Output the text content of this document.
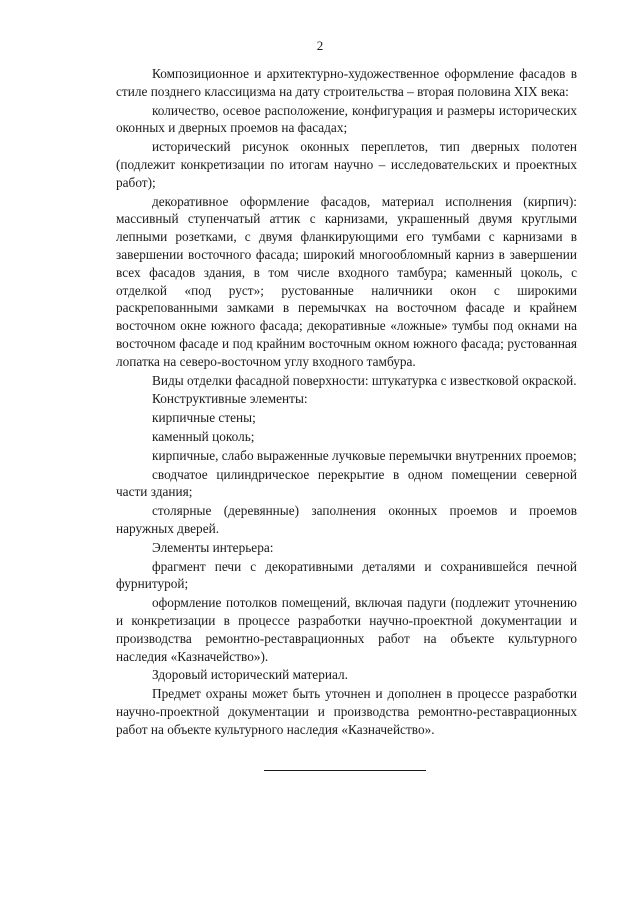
2

Композиционное и архитектурно-художественное оформление фасадов в стиле позднего классицизма на дату строительства – вторая половина XIX века:

количество, осевое расположение, конфигурация и размеры исторических оконных и дверных проемов на фасадах;

исторический рисунок оконных переплетов, тип дверных полотен (подлежит конкретизации по итогам научно – исследовательских и проектных работ);

декоративное оформление фасадов, материал исполнения (кирпич): массивный ступенчатый аттик с карнизами, украшенный двумя круглыми лепными розетками, с двумя фланкирующими его тумбами с карнизами в завершении восточного фасада; широкий многообломный карниз в завершении всех фасадов здания, в том числе входного тамбура; каменный цоколь, с отделкой «под руст»; рустованные наличники окон с широкими раскрепованными замками в перемычках на восточном фасаде и крайнем восточном окне южного фасада; декоративные «ложные» тумбы под окнами на восточном фасаде и под крайним восточным окном южного фасада; рустованная лопатка на северо-восточном углу входного тамбура.

Виды отделки фасадной поверхности: штукатурка с известковой окраской.

Конструктивные элементы:

кирпичные стены;

каменный цоколь;

кирпичные, слабо выраженные лучковые перемычки внутренних проемов;

сводчатое цилиндрическое перекрытие в одном помещении северной части здания;

столярные (деревянные) заполнения оконных проемов и проемов наружных дверей.

Элементы интерьера:

фрагмент печи с декоративными деталями и сохранившейся печной фурнитурой;

оформление потолков помещений, включая падуги (подлежит уточнению и конкретизации в процессе разработки научно-проектной документации и производства ремонтно-реставрационных работ на объекте культурного наследия «Казначейство»).

Здоровый исторический материал.

Предмет охраны может быть уточнен и дополнен в процессе разработки научно-проектной документации и производства ремонтно-реставрационных работ на объекте культурного наследия «Казначейство».
